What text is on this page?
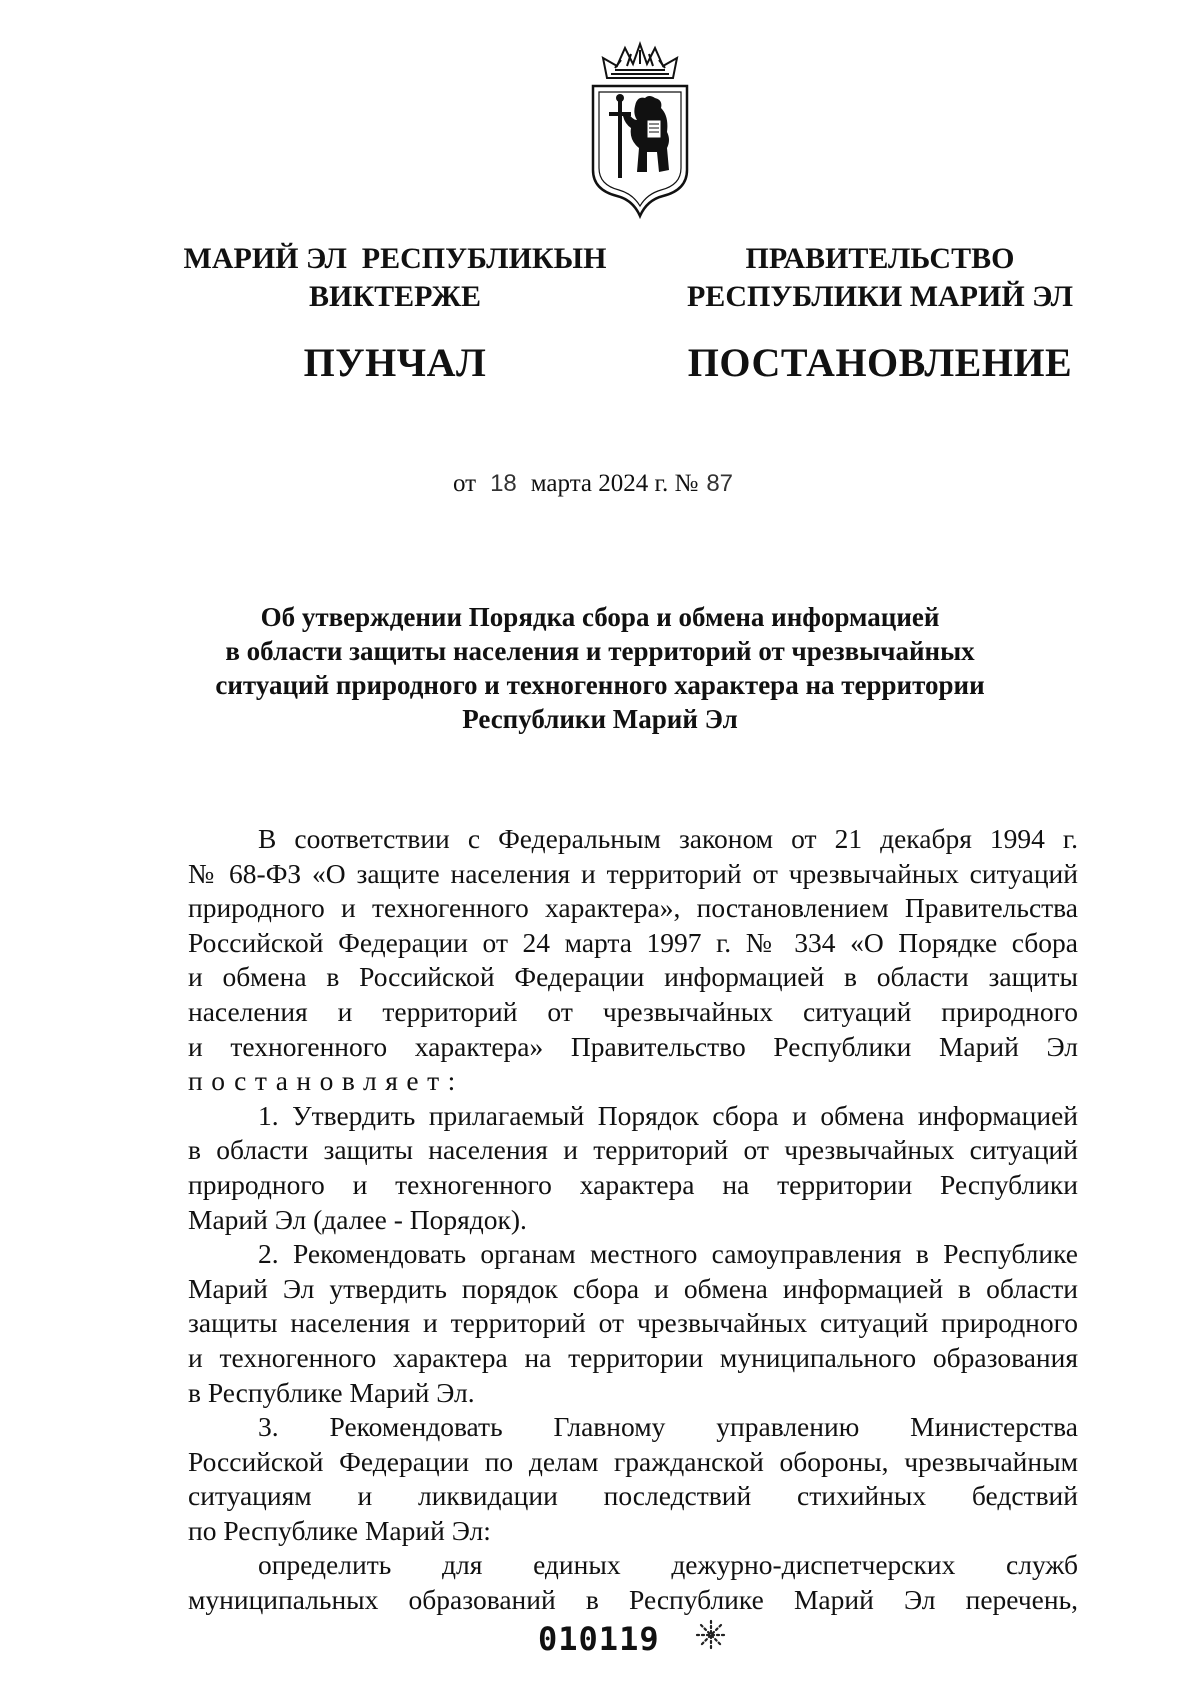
МАРИЙ ЭЛ  РЕСПУБЛИКЫН
ВИКТЕРЖЕ
ПУНЧАЛ
ПРАВИТЕЛЬСТВО
РЕСПУБЛИКИ МАРИЙ ЭЛ
ПОСТАНОВЛЕНИЕ
от 18 марта 2024 г. № 87
Об утверждении Порядка сбора и обмена информацией
в области защиты населения и территорий от чрезвычайных
ситуаций природного и техногенного характера на территории
Республики Марий Эл
В соответствии с Федеральным законом от 21 декабря 1994 г.
№ 68-ФЗ «О защите населения и территорий от чрезвычайных ситуаций
природного и техногенного характера», постановлением Правительства
Российской Федерации от 24 марта 1997 г. № 334 «О Порядке сбора
и обмена в Российской Федерации информацией в области защиты
населения и территорий от чрезвычайных ситуаций природного
и техногенного характера» Правительство Республики Марий Эл
постановляет:
1. Утвердить прилагаемый Порядок сбора и обмена информацией
в области защиты населения и территорий от чрезвычайных ситуаций
природного и техногенного характера на территории Республики
Марий Эл (далее - Порядок).
2. Рекомендовать органам местного самоуправления в Республике
Марий Эл утвердить порядок сбора и обмена информацией в области
защиты населения и территорий от чрезвычайных ситуаций природного
и техногенного характера на территории муниципального образования
в Республике Марий Эл.
3. Рекомендовать Главному управлению Министерства
Российской Федерации по делам гражданской обороны, чрезвычайным
ситуациям и ликвидации последствий стихийных бедствий
по Республике Марий Эл:
определить для единых дежурно-диспетчерских служб
муниципальных образований в Республике Марий Эл перечень,
010119
